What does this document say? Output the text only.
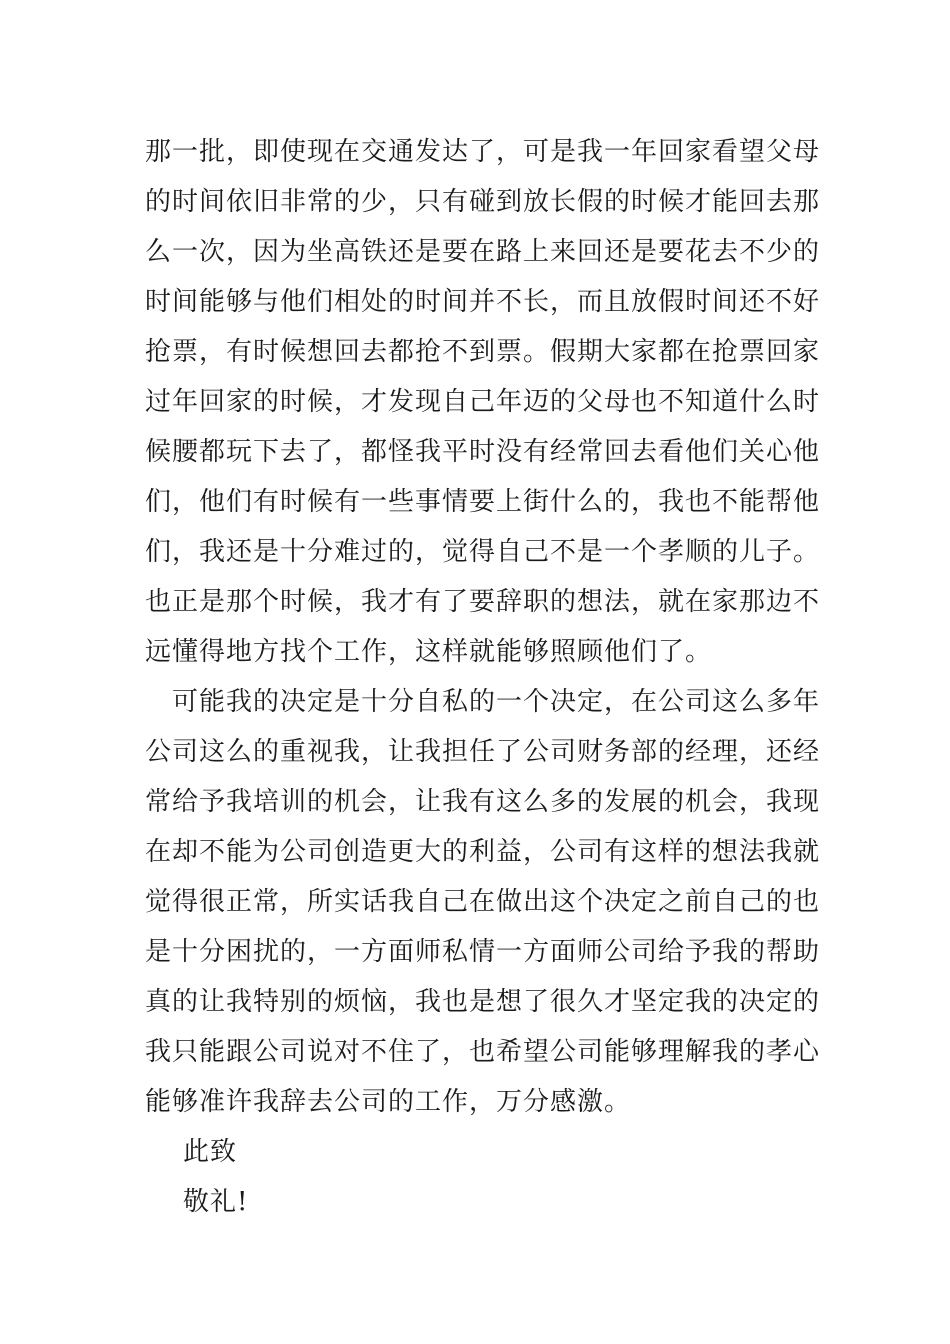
那一批，即使现在交通发达了，可是我一年回家看望父母
的时间依旧非常的少，只有碰到放长假的时候才能回去那
么一次，因为坐高铁还是要在路上来回还是要花去不少的
时间能够与他们相处的时间并不长，而且放假时间还不好
抢票，有时候想回去都抢不到票。假期大家都在抢票回家
过年回家的时候，才发现自己年迈的父母也不知道什么时
候腰都玩下去了，都怪我平时没有经常回去看他们关心他
们，他们有时候有一些事情要上街什么的，我也不能帮他
们，我还是十分难过的，觉得自己不是一个孝顺的儿子。
也正是那个时候，我才有了要辞职的想法，就在家那边不
远懂得地方找个工作，这样就能够照顾他们了。
　可能我的决定是十分自私的一个决定，在公司这么多年
公司这么的重视我，让我担任了公司财务部的经理，还经
常给予我培训的机会，让我有这么多的发展的机会，我现
在却不能为公司创造更大的利益，公司有这样的想法我就
觉得很正常，所实话我自己在做出这个决定之前自己的也
是十分困扰的，一方面师私情一方面师公司给予我的帮助
真的让我特别的烦恼，我也是想了很久才坚定我的决定的
我只能跟公司说对不住了，也希望公司能够理解我的孝心
能够准许我辞去公司的工作，万分感激。
此致
敬礼!
